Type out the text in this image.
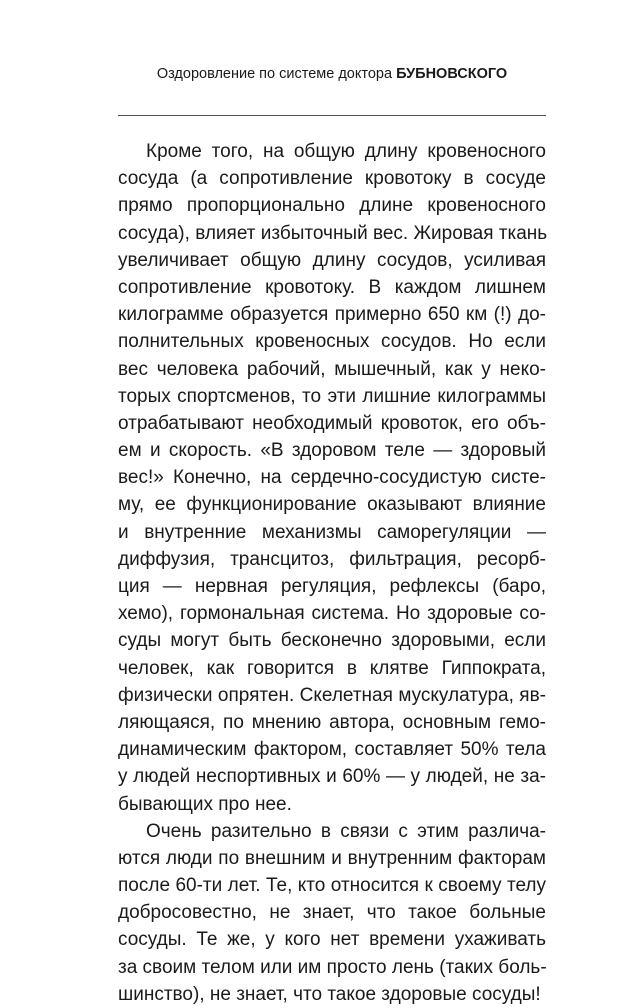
Оздоровление по системе доктора БУБНОВСКОГО
Кроме того, на общую длину кровеносного
сосуда (а сопротивление кровотоку в сосуде
прямо пропорционально длине кровеносного
сосуда), влияет избыточный вес. Жировая ткань
увеличивает общую длину сосудов, усиливая
сопротивление кровотоку. В каждом лишнем
килограмме образуется примерно 650 км (!) до-
полнительных кровеносных сосудов. Но если
вес человека рабочий, мышечный, как у неко-
торых спортсменов, то эти лишние килограммы
отрабатывают необходимый кровоток, его объ-
ем и скорость. «В здоровом теле — здоровый
вес!» Конечно, на сердечно-сосудистую систе-
му, ее функционирование оказывают влияние
и внутренние механизмы саморегуляции —
диффузия, трансцитоз, фильтрация, ресорб-
ция — нервная регуляция, рефлексы (баро,
хемо), гормональная система. Но здоровые со-
суды могут быть бесконечно здоровыми, если
человек, как говорится в клятве Гиппократа,
физически опрятен. Скелетная мускулатура, яв-
ляющаяся, по мнению автора, основным гемо-
динамическим фактором, составляет 50% тела
у людей неспортивных и 60% — у людей, не за-
бывающих про нее.
Очень разительно в связи с этим различа-
ются люди по внешним и внутренним факторам
после 60-ти лет. Те, кто относится к своему телу
добросовестно, не знает, что такое больные
сосуды. Те же, у кого нет времени ухаживать
за своим телом или им просто лень (таких боль-
шинство), не знает, что такое здоровые сосуды!
